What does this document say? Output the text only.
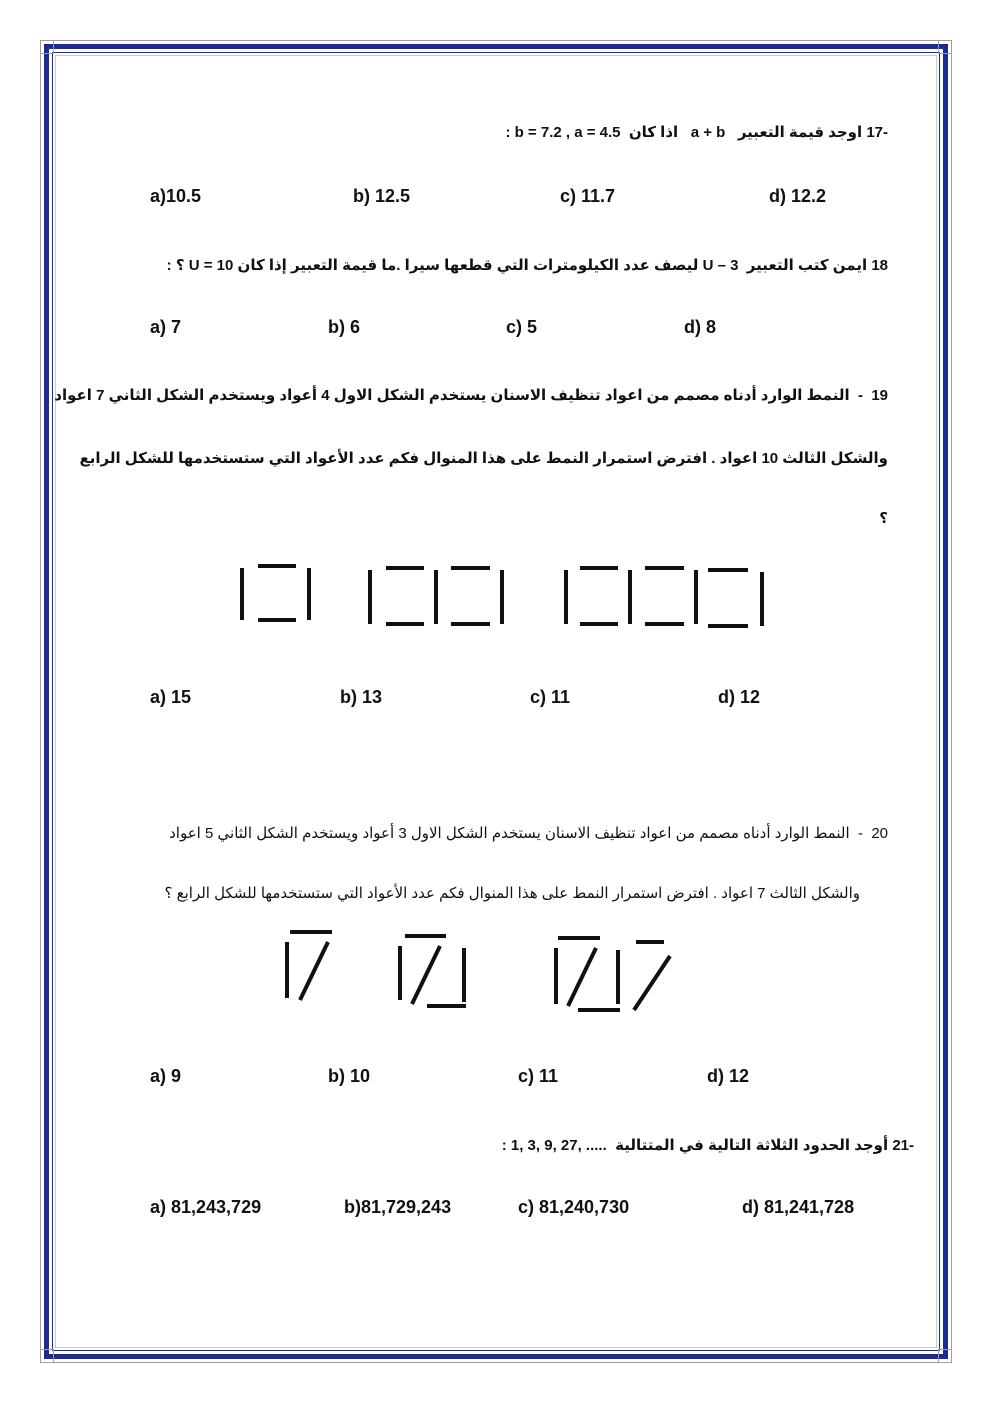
-17 اوجد قيمة التعبير   a + b   اذا كان  : b = 7.2 , a = 4.5
a)10.5	b) 12.5	c) 11.7	d) 12.2
18 ايمن كتب التعبير  U – 3 ليصف عدد الكيلومترات التي قطعها سيرا .ما قيمة التعبير إذا كان U = 10 ؟ :
a) 7	b) 6	c) 5	d) 8
19  -  النمط الوارد أدناه مصمم من اعواد تنظيف الاسنان يستخدم الشكل الاول 4 أعواد ويستخدم الشكل الثاني 7 اعواد
والشكل الثالث 10 اعواد . افترض استمرار النمط على هذا المنوال فكم عدد الأعواد التي ستستخدمها للشكل الرابع
؟
a) 15	b) 13	c) 11	d) 12
20  -  النمط الوارد أدناه مصمم من اعواد تنظيف الاسنان يستخدم الشكل الاول 3 أعواد ويستخدم الشكل الثاني 5 اعواد
والشكل الثالث 7 اعواد . افترض استمرار النمط على هذا المنوال فكم عدد الأعواد التي ستستخدمها للشكل الرابع ؟
a) 9	b) 10	c) 11	d) 12
-21 أوجد الحدود الثلاثة التالية في المتتالية  : 1, 3, 9, 27, .....
a) 81,243,729	b)81,729,243	c) 81,240,730	d) 81,241,728
